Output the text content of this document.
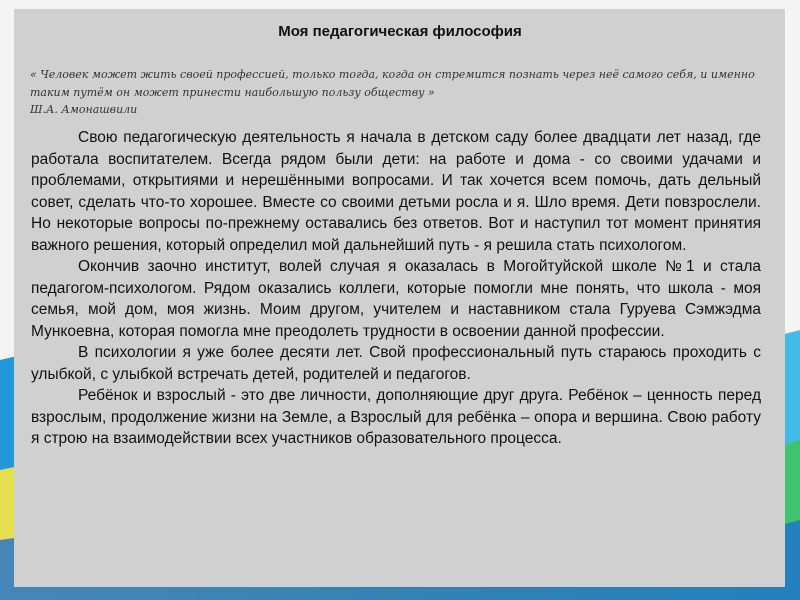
Моя педагогическая философия
« Человек может жить своей профессией, только тогда, когда он стремится познать через неё самого себя, и именно таким путём он может принести наибольшую пользу обществу »
Ш.А. Амонашвили

Свою педагогическую деятельность я начала в детском саду более двадцати лет назад, где работала воспитателем. Всегда рядом были дети: на работе и дома - со своими удачами и проблемами, открытиями и нерешёнными вопросами. И так хочется всем помочь, дать дельный совет, сделать что-то хорошее. Вместе со своими детьми росла и я. Шло время. Дети повзрослели. Но некоторые вопросы по-прежнему оставались без ответов. Вот и наступил тот момент принятия важного решения, который определил мой дальнейший путь - я решила стать психологом.

Окончив заочно институт, волей случая я оказалась в Могойтуйской школе №1 и стала педагогом-психологом. Рядом оказались коллеги, которые помогли мне понять, что школа - моя семья, мой дом, моя жизнь. Моим другом, учителем и наставником стала Гуруева Сэмжэдма Мункоевна, которая помогла мне преодолеть трудности в освоении данной профессии.

В психологии я уже более десяти лет. Свой профессиональный путь стараюсь проходить с улыбкой, с улыбкой встречать детей, родителей и педагогов.

Ребёнок и взрослый - это две личности, дополняющие друг друга. Ребёнок – ценность перед взрослым, продолжение жизни на Земле, а Взрослый для ребёнка – опора и вершина. Свою работу я строю на взаимодействии всех участников образовательного процесса.
